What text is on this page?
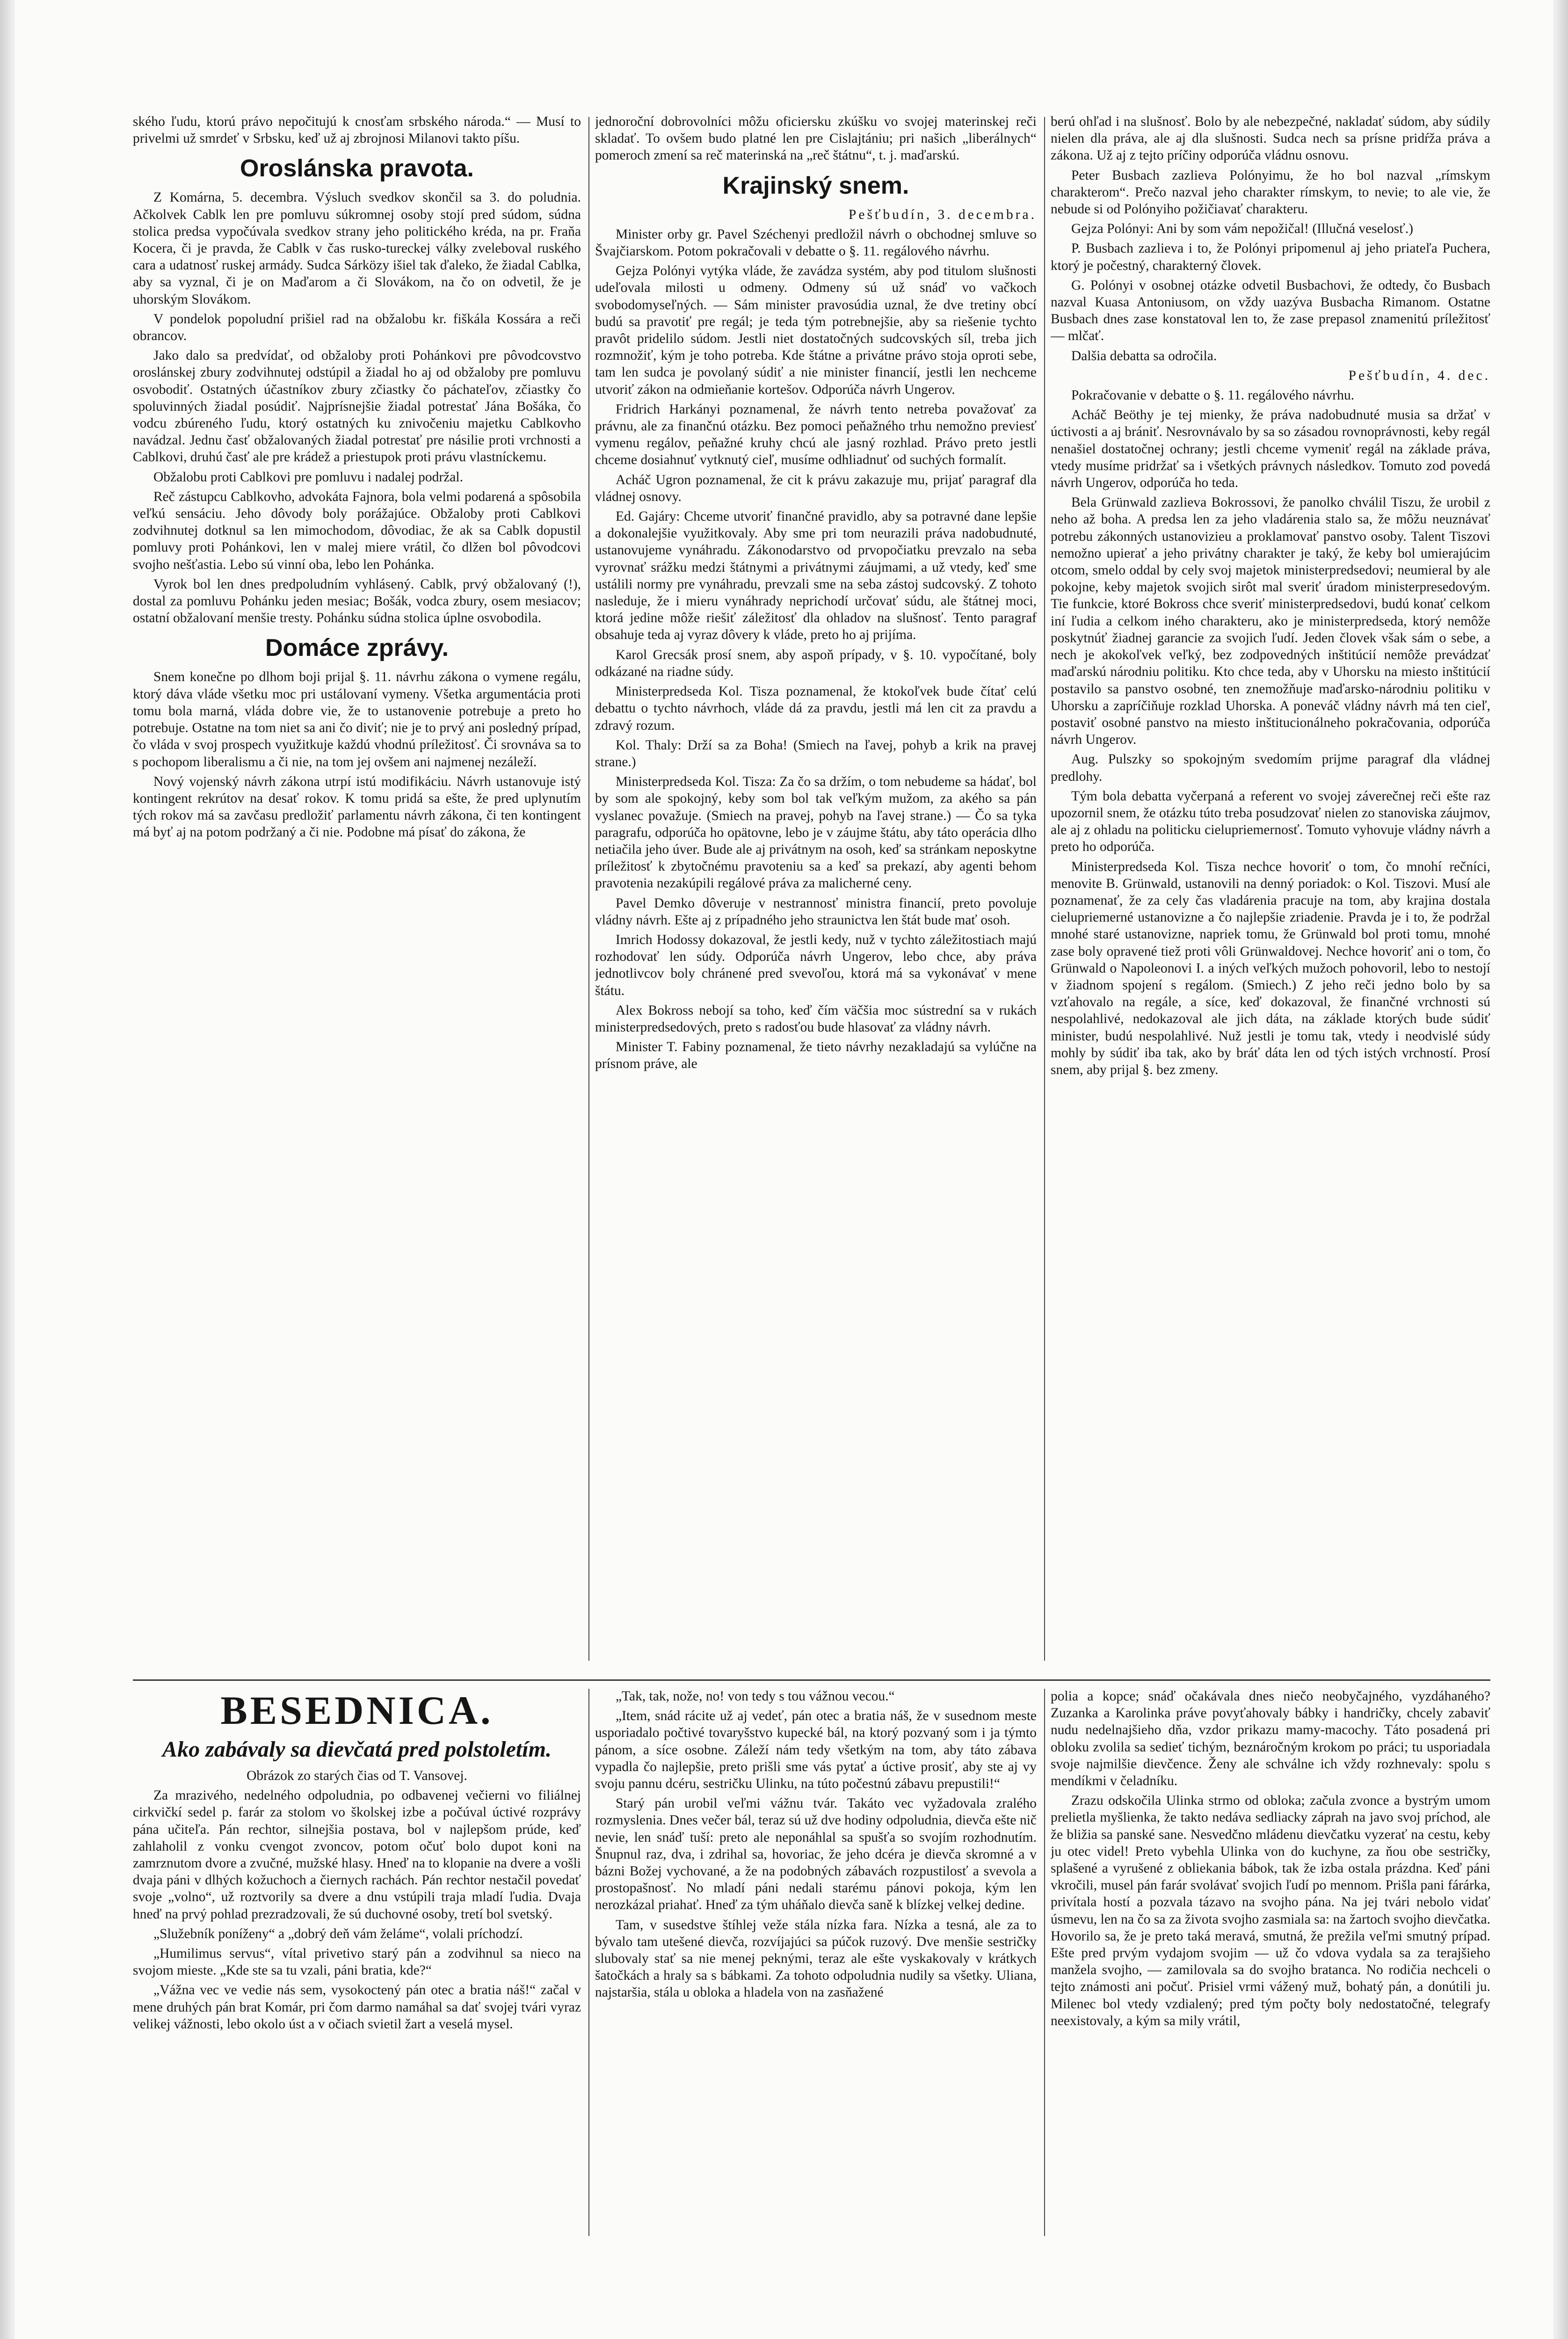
ského ľudu, ktorú právo nepočitujú k cnosťam srbského národa.“ — Musí to privelmi už smrdeť v Srbsku, keď už aj zbrojnosi Milanovi takto píšu.

Oroslánska pravota.

Z Komárna, 5. decembra. Výsluch svedkov skončil sa 3. do poludnia. Ačkolvek Cablk len pre pomluvu súkromnej osoby stojí pred súdom, súdna stolica predsa vypočúvala svedkov strany jeho politického kréda, na pr. Fraňa Kocera, či je pravda, že Cablk v čas rusko-tureckej války zveleboval ruského cara a udatnosť ruskej armády. Sudca Sárközy išiel tak ďaleko, že žiadal Cablka, aby sa vyznal, či je on Maďarom a či Slovákom, na čo on odvetil, že je uhorským Slovákom.

V pondelok popoludní prišiel rad na obžalobu kr. fiškála Kossára a reči obrancov.

Jako dalo sa predvídať, od obžaloby proti Pohánkovi pre pôvodcovstvo oroslánskej zbury zodvihnutej odstúpil a žiadal ho aj od obžaloby pre pomluvu osvobodiť. Ostatných účastníkov zbury zčiastky čo páchateľov, zčiastky čo spoluvinných žiadal posúdiť. Najprísnejšie žiadal potrestať Jána Bošáka, čo vodcu zbúreného ľudu, ktorý ostatných ku znivočeniu majetku Cablkovho navádzal. Jednu časť obžalovaných žiadal potrestať pre násilie proti vrchnosti a Cablkovi, druhú časť ale pre krádež a priestupok proti právu vlastníckemu.

Obžalobu proti Cablkovi pre pomluvu i nadalej podržal.

Reč zástupcu Cablkovho, advokáta Fajnora, bola velmi podarená a spôsobila veľkú sensáciu. Jeho dôvody boly porážajúce. Obžaloby proti Cablkovi zodvihnutej dotknul sa len mimochodom, dôvodiac, že ak sa Cablk dopustil pomluvy proti Pohánkovi, len v malej miere vrátil, čo dlžen bol pôvodcovi svojho nešťastia. Lebo sú vinní oba, lebo len Pohánka.

Vyrok bol len dnes predpoludním vyhlásený. Cablk, prvý obžalovaný (!), dostal za pomluvu Pohánku jeden mesiac; Bošák, vodca zbury, osem mesiacov; ostatní obžalovaní menšie tresty. Pohánku súdna stolica úplne osvobodila.

Domáce zprávy.

Snem konečne po dlhom boji prijal §. 11. návrhu zákona o vymene regálu, ktorý dáva vláde všetku moc pri ustálovaní vymeny. Všetka argumentácia proti tomu bola marná, vláda dobre vie, že to ustanovenie potrebuje a preto ho potrebuje. Ostatne na tom niet sa ani čo diviť; nie je to prvý ani posledný prípad, čo vláda v svoj prospech využitkuje každú vhodnú príležitosť. Či srovnáva sa to s pochopom liberalismu a či nie, na tom jej ovšem ani najmenej nezáleží.

Nový vojenský návrh zákona utrpí istú modifikáciu. Návrh ustanovuje istý kontingent rekrútov na desať rokov. K tomu pridá sa ešte, že pred uplynutím tých rokov má sa zavčasu predložiť parlamentu návrh zákona, či ten kontingent má byť aj na potom podržaný a či nie. Podobne má písať do zákona, že

jednoroční dobrovolníci môžu oficiersku zkúšku vo svojej materinskej reči skladať. To ovšem budo platné len pre Cislajtániu; pri našich „liberálnych“ pomeroch zmení sa reč materinská na „reč štátnu“, t. j. maďarskú.

Krajinský snem.

Pešťbudín, 3. decembra.

Minister orby gr. Pavel Széchenyi predložil návrh o obchodnej smluve so Švajčiarskom. Potom pokračovali v debatte o §. 11. regálového návrhu.

Gejza Polónyi vytýka vláde, že zavádza systém, aby pod titulom slušnosti udeľovala milosti u odmeny. Odmeny sú už snáď vo vačkoch svobodomyseľných. — Sám minister pravosúdia uznal, že dve tretiny obcí budú sa pravotiť pre regál; je teda tým potrebnejšie, aby sa riešenie tychto pravôt pridelilo súdom. Jestli niet dostatočných sudcovských síl, treba jich rozmnožiť, kým je toho potreba. Kde štátne a privátne právo stoja oproti sebe, tam len sudca je povolaný súdiť a nie minister financií, jestli len nechceme utvoriť zákon na odmieňanie kortešov. Odporúča návrh Ungerov.

Fridrich Harkányi poznamenal, že návrh tento netreba považovať za právnu, ale za finančnú otázku. Bez pomoci peňažného trhu nemožno previesť vymenu regálov, peňažné kruhy chcú ale jasný rozhlad. Právo preto jestli chceme dosiahnuť vytknutý cieľ, musíme odhliadnuť od suchých formalít.

Acháč Ugron poznamenal, že cit k právu zakazuje mu, prijať paragraf dla vládnej osnovy.

Ed. Gajáry: Chceme utvoriť finančné pravidlo, aby sa potravné dane lepšie a dokonalejšie využitkovaly. Aby sme pri tom neurazili práva nadobudnuté, ustanovujeme vynáhradu. Zákonodarstvo od prvopočiatku prevzalo na seba vyrovnať srážku medzi štátnymi a privátnymi záujmami, a už vtedy, keď sme ustálili normy pre vynáhradu, prevzali sme na seba zástoj sudcovský. Z tohoto nasleduje, že i mieru vynáhrady neprichodí určovať súdu, ale štátnej moci, ktorá jedine môže riešiť záležitosť dla ohladov na slušnosť. Tento paragraf obsahuje teda aj vyraz dôvery k vláde, preto ho aj prijíma.

Karol Grecsák prosí snem, aby aspoň prípady, v §. 10. vypočítané, boly odkázané na riadne súdy.

Ministerpredseda Kol. Tisza poznamenal, že ktokoľvek bude čítať celú debattu o tychto návrhoch, vláde dá za pravdu, jestli má len cit za pravdu a zdravý rozum.

Kol. Thaly: Drží sa za Boha! (Smiech na ľavej, pohyb a krik na pravej strane.)

Ministerpredseda Kol. Tisza: Za čo sa držím, o tom nebudeme sa hádať, bol by som ale spokojný, keby som bol tak veľkým mužom, za akého sa pán vyslanec považuje. (Smiech na pravej, pohyb na ľavej strane.) — Čo sa tyka paragrafu, odporúča ho opätovne, lebo je v záujme štátu, aby táto operácia dlho netiačila jeho úver. Bude ale aj privátnym na osoh, keď sa stránkam neposkytne príležitosť k zbytočnému pravoteniu sa a keď sa prekazí, aby agenti behom pravotenia nezakúpili regálové práva za malicherné ceny.

Pavel Demko dôveruje v nestrannosť ministra financií, preto povoluje vládny návrh. Ešte aj z prípadného jeho straunictva len štát bude mať osoh.

Imrich Hodossy dokazoval, že jestli kedy, nuž v tychto záležitostiach majú rozhodovať len súdy. Odporúča návrh Ungerov, lebo chce, aby práva jednotlivcov boly chránené pred svevoľou, ktorá má sa vykonávať v mene štátu.

Alex Bokross nebojí sa toho, keď čím väčšia moc sústrední sa v rukách ministerpredsedových, preto s radosťou bude hlasovať za vládny návrh.

Minister T. Fabiny poznamenal, že tieto návrhy nezakladajú sa vylúčne na prísnom práve, ale

berú ohľad i na slušnosť. Bolo by ale nebezpečné, nakladať súdom, aby súdily nielen dla práva, ale aj dla slušnosti. Sudca nech sa prísne pridŕža práva a zákona. Už aj z tejto príčiny odporúča vládnu osnovu.

Peter Busbach zazlieva Polónyimu, že ho bol nazval „rímskym charakterom“. Prečo nazval jeho charakter rímskym, to nevie; to ale vie, že nebude si od Polónyiho požičiavať charakteru.

Gejza Polónyi: Ani by som vám nepožičal! (Illučná veselosť.)

P. Busbach zazlieva i to, že Polónyi pripomenul aj jeho priateľa Puchera, ktorý je počestný, charakterný človek.

G. Polónyi v osobnej otázke odvetil Busbachovi, že odtedy, čo Busbach nazval Kuasa Antoniusom, on vždy uazýva Busbacha Rimanom. Ostatne Busbach dnes zase konstatoval len to, že zase prepasol znamenitú príležitosť — mlčať.

Dalšia debatta sa odročila.

Pešťbudín, 4. dec.

Pokračovanie v debatte o §. 11. regálového návrhu.

Acháč Beöthy je tej mienky, že práva nadobudnuté musia sa držať v úctivosti a aj brániť. Nesrovnávalo by sa so zásadou rovnoprávnosti, keby regál nenašiel dostatočnej ochrany; jestli chceme vymeniť regál na základe práva, vtedy musíme pridržať sa i všetkých právnych následkov. Tomuto zod povedá návrh Ungerov, odporúča ho teda.

Bela Grünwald zazlieva Bokrossovi, že panolko chválil Tiszu, že urobil z neho až boha. A predsa len za jeho vladárenia stalo sa, že môžu neuznávať potrebu zákonných ustanovizieu a proklamovať panstvo osoby. Talent Tiszovi nemožno upierať a jeho privátny charakter je taký, že keby bol umierajúcim otcom, smelo oddal by cely svoj majetok ministerpredsedovi; neumieral by ale pokojne, keby majetok svojich sirôt mal sveriť úradom ministerpresedovým. Tie funkcie, ktoré Bokross chce sveriť ministerpredsedovi, budú konať celkom iní ľudia a celkom iného charakteru, ako je ministerpredseda, ktorý nemôže poskytnúť žiadnej garancie za svojich ľudí. Jeden človek však sám o sebe, a nech je akokoľvek veľký, bez zodpovedných inštitúcií nemôže prevádzať maďarskú národniu politiku. Kto chce teda, aby v Uhorsku na miesto inštitúcií postavilo sa panstvo osobné, ten znemožňuje maďarsko-národniu politiku v Uhorsku a zapríčiňuje rozklad Uhorska. A poneváč vládny návrh má ten cieľ, postaviť osobné panstvo na miesto inštitucionálneho pokračovania, odporúča návrh Ungerov.

Aug. Pulszky so spokojným svedomím prijme paragraf dla vládnej predlohy.

Tým bola debatta vyčerpaná a referent vo svojej záverečnej reči ešte raz upozornil snem, že otázku túto treba posudzovať nielen zo stanoviska záujmov, ale aj z ohladu na politicku cielupriemernosť. Tomuto vyhovuje vládny návrh a preto ho odporúča.

Ministerpredseda Kol. Tisza nechce hovoriť o tom, čo mnohí rečníci, menovite B. Grünwald, ustanovili na denný poriadok: o Kol. Tiszovi. Musí ale poznamenať, že za cely čas vladárenia pracuje na tom, aby krajina dostala cielupriemerné ustanovizne a čo najlepšie zriadenie. Pravda je i to, že podržal mnohé staré ustanovizne, napriek tomu, že Grünwald bol proti tomu, mnohé zase boly opravené tiež proti vôli Grünwaldovej. Nechce hovoriť ani o tom, čo Grünwald o Napoleonovi I. a iných veľkých mužoch pohovoril, lebo to nestojí v žiadnom spojení s regálom. (Smiech.) Z jeho reči jedno bolo by sa vzťahovalo na regále, a síce, keď dokazoval, že finančné vrchnosti sú nespolahlivé, nedokazoval ale jich dáta, na základe ktorých bude súdiť minister, budú nespolahlivé. Nuž jestli je tomu tak, vtedy i neodvislé súdy mohly by súdiť iba tak, ako by bráť dáta len od tých istých vrchností. Prosí snem, aby prijal §. bez zmeny.

BESEDNICA.
Ako zabávaly sa dievčatá pred polstoletím.

Obrázok zo starých čias od T. Vansovej.

Za mrazivého, nedelného odpoludnia, po odbavenej večierni vo filiálnej cirkvičkí sedel p. farár za stolom vo školskej izbe a počúval úctivé rozprávy pána učiteľa. Pán rechtor, silnejšia postava, bol v najlepšom prúde, keď zahlaholil z vonku cvengot zvoncov, potom očuť bolo dupot koni na zamrznutom dvore a zvučné, mužské hlasy. Hneď na to klopanie na dvere a vošli dvaja páni v dlhých kožuchoch a čiernych rachách. Pán rechtor nestačil povedať svoje „volno“, už roztvorily sa dvere a dnu vstúpili traja mladí ľudia. Dvaja hneď na prvý pohlad prezradzovali, že sú duchovné osoby, tretí bol svetský.

„Služebník poníženy“ a „dobrý deň vám želáme“, volali príchodzí.

„Humilimus servus“, vítal privetivo starý pán a zodvihnul sa nieco na svojom mieste. „Kde ste sa tu vzali, páni bratia, kde?“

„Vážna vec ve vedie nás sem, vysokoctený pán otec a bratia náš!“ začal v mene druhých pán brat Komár, pri čom darmo namáhal sa dať svojej tvári vyraz velikej vážnosti, lebo okolo úst a v očiach svietil žart a veselá mysel.

„Tak, tak, nože, no! von tedy s tou vážnou vecou.“

„Item, snád rácite už aj vedeť, pán otec a bratia náš, že v susednom meste usporiadalo počtivé tovaryšstvo kupecké bál, na ktorý pozvaný som i ja týmto pánom, a síce osobne. Záleží nám tedy všetkým na tom, aby táto zábava vypadla čo najlepšie, preto prišli sme vás pytať a úctive prosiť, aby ste aj vy svoju pannu dcéru, sestričku Ulinku, na túto počestnú zábavu prepustili!“

Starý pán urobil veľmi vážnu tvár. Takáto vec vyžadovala zralého rozmyslenia. Dnes večer bál, teraz sú už dve hodiny odpoludnia, dievča ešte nič nevie, len snáď tuší: preto ale neponáhlal sa spušťa so svojím rozhodnutím. Šnupnul raz, dva, i zdrihal sa, hovoriac, že jeho dcéra je dievča skromné a v bázni Božej vychované, a že na podobných zábavách rozpustilosť a svevola a prostopašnosť. No mladí páni nedali starému pánovi pokoja, kým len nerozkázal priahať. Hneď za tým uháňalo dievča saně k blízkej velkej dedine.

Tam, v susedstve štíhlej veže stála nízka fara. Nízka a tesná, ale za to bývalo tam utešené dievča, rozvíjajúci sa púčok ruzový. Dve menšie sestričky slubovaly stať sa nie menej peknými, teraz ale ešte vyskakovaly v krátkych šatočkách a hraly sa s bábkami. Za tohoto odpoludnia nudily sa všetky. Uliana, najstaršia, stála u obloka a hladela von na zasňažené

polia a kopce; snáď očakávala dnes niečo neobyčajného, vyzdáhaného? Zuzanka a Karolinka práve povyťahovaly bábky i handričky, chcely zabaviť nudu nedelnajšieho dňa, vzdor prikazu mamy-macochy. Táto posadená pri obloku zvolila sa sedieť tichým, beznáročným krokom po práci; tu usporiadala svoje najmilšie dievčence. Ženy ale schválne ich vždy rozhnevaly: spolu s mendíkmi v čeladníku.

Zrazu odskočila Ulinka strmo od obloka; začula zvonce a bystrým umom prelietla myšlienka, že takto nedáva sedliacky záprah na javo svoj príchod, ale že bližia sa panské sane. Nesvedčno mládenu dievčatku vyzerať na cestu, keby ju otec videl! Preto vybehla Ulinka von do kuchyne, za ňou obe sestričky, splašené a vyrušené z obliekania bábok, tak že izba ostala prázdna. Keď páni vkročili, musel pán farár svolávať svojich ľudí po mennom. Prišla pani fárárka, privítala hostí a pozvala tázavo na svojho pána. Na jej tvári nebolo vidať úsmevu, len na čo sa za života svojho zasmiala sa: na žartoch svojho dievčatka. Hovorilo sa, že je preto taká meravá, smutná, že prežila veľmi smutný prípad. Ešte pred prvým vydajom svojim — už čo vdova vydala sa za terajšieho manžela svojho, — zamilovala sa do svojho bratanca. No rodičia nechceli o tejto známosti ani počuť. Prisiel vrmi vážený muž, bohatý pán, a donútili ju. Milenec bol vtedy vzdialený; pred tým počty boly nedostatočné, telegrafy neexistovaly, a kým sa mily vrátil,
